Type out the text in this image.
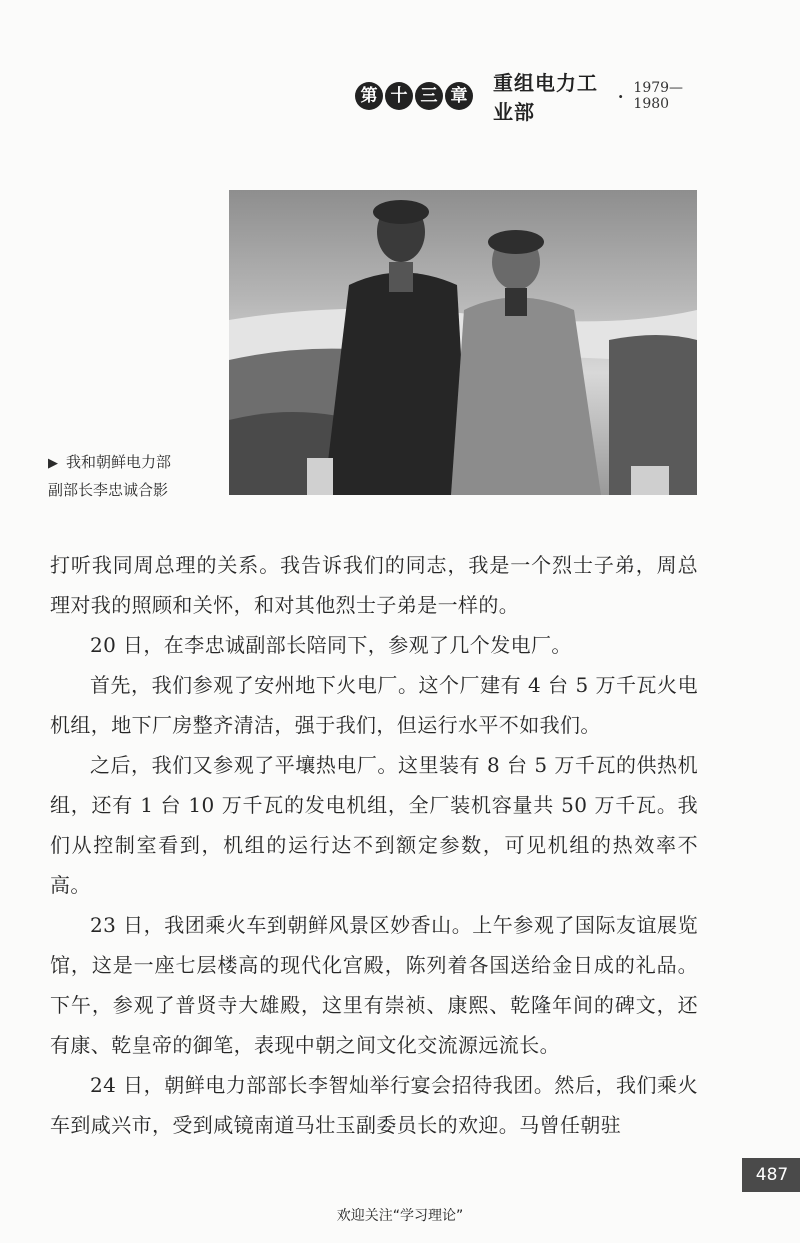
第 十 三 章
重组电力工业部
· 1979—1980
▶ 我和朝鲜电力部
副部长李忠诚合影

打听我同周总理的关系。我告诉我们的同志，我是一个烈士子弟，周总理对我的照顾和关怀，和对其他烈士子弟是一样的。

20 日，在李忠诚副部长陪同下，参观了几个发电厂。

首先，我们参观了安州地下火电厂。这个厂建有 4 台 5 万千瓦火电机组，地下厂房整齐清洁，强于我们，但运行水平不如我们。

之后，我们又参观了平壤热电厂。这里装有 8 台 5 万千瓦的供热机组，还有 1 台 10 万千瓦的发电机组，全厂装机容量共 50 万千瓦。我们从控制室看到，机组的运行达不到额定参数，可见机组的热效率不高。

23 日，我团乘火车到朝鲜风景区妙香山。上午参观了国际友谊展览馆，这是一座七层楼高的现代化宫殿，陈列着各国送给金日成的礼品。下午，参观了普贤寺大雄殿，这里有崇祯、康熙、乾隆年间的碑文，还有康、乾皇帝的御笔，表现中朝之间文化交流源远流长。

24 日，朝鲜电力部部长李智灿举行宴会招待我团。然后，我们乘火车到咸兴市，受到咸镜南道马壮玉副委员长的欢迎。马曾任朝驻

487
欢迎关注“学习理论”
